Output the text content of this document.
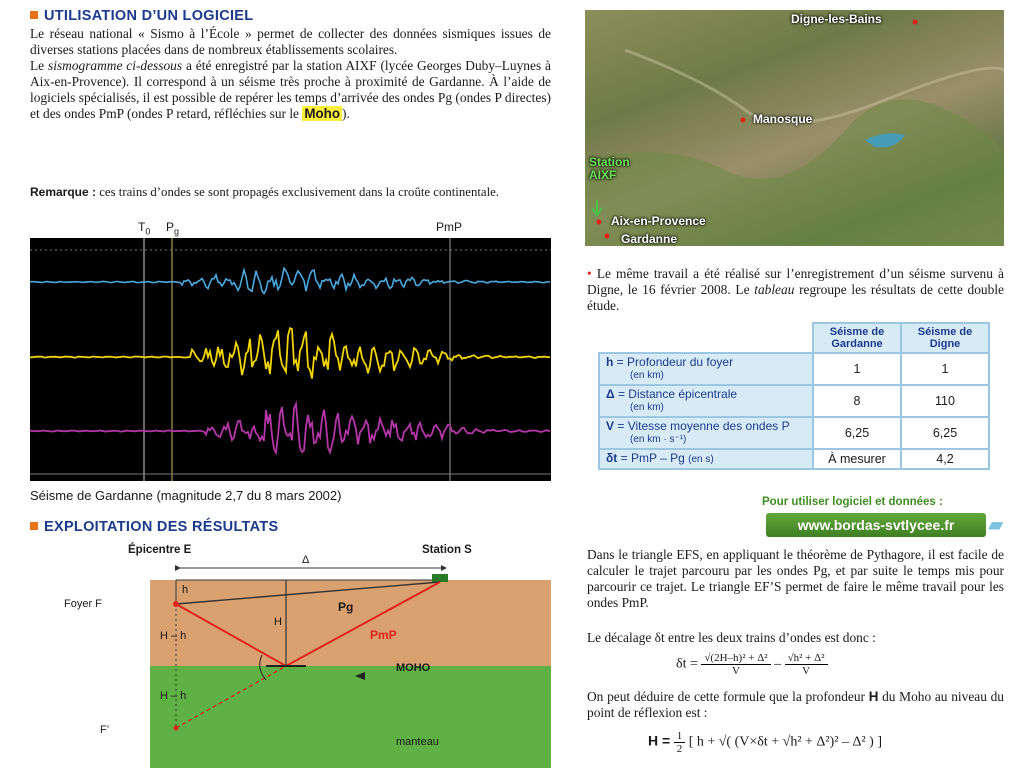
UTILISATION D’UN LOGICIEL

Le réseau national « Sismo à l’École » permet de collecter des données sismiques issues de diverses stations placées dans de nombreux établissements scolaires.

Le sismogramme ci-dessous a été enregistré par la station AIXF (lycée Georges Duby–Luynes à Aix-en-Provence). Il correspond à un séisme très proche à proximité de Gardanne. À l’aide de logiciels spécialisés, il est possible de repérer les temps d’arrivée des ondes Pg (ondes P directes) et des ondes PmP (ondes P retard, réfléchies sur le Moho ).

Remarque : ces trains d’ondes se sont propagés exclusivement dans la croûte continentale.
$T_0$ $P_g$	PmP
Séisme de Gardanne (magnitude 2,7 du 8 mars 2002)
EXPLOITATION DES RÉSULTATS
Épicentre E	Station S
Δ
Foyer F
h
H
H – h
H – h
Pg
PmP
MOHO
F’
manteau
Digne-les-Bains
Manosque
Station
AIXF
Aix-en-Provence
Gardanne
• Le même travail a été réalisé sur l’enregistrement d’un séisme survenu à Digne, le 16 février 2008. Le tableau regroupe les résultats de cette double étude.
	Séisme de Gardanne	Séisme de Digne
h = Profondeur du foyer
(en km)	1	1
Δ = Distance épicentrale
(en km)	8	110
V = Vitesse moyenne des ondes P
(en km · s⁻¹)	6,25	6,25
δt = PmP – Pg (en s)	À mesurer	4,2
Pour utiliser logiciel et données :
www.bordas-svtlycee.fr	▰
Dans le triangle EFS, en appliquant le théorème de Pythagore, il est facile de calculer le trajet parcouru par les ondes Pg, et par suite le temps mis pour parcourir ce trajet. Le triangle EF’S permet de faire le même travail pour les ondes PmP.
Le décalage δt entre les deux trains d’ondes est donc :
$\delta t = \frac{\text{√(2H–h)² + Δ²}}{V} - \frac{\text{√h² + Δ²}}{V}$
On peut déduire de cette formule que la profondeur H du Moho au niveau du point de réflexion est :
$H = \frac{1}{2}$ [ h + √( (V×δt + √h² + Δ²)² – Δ² ) ]
